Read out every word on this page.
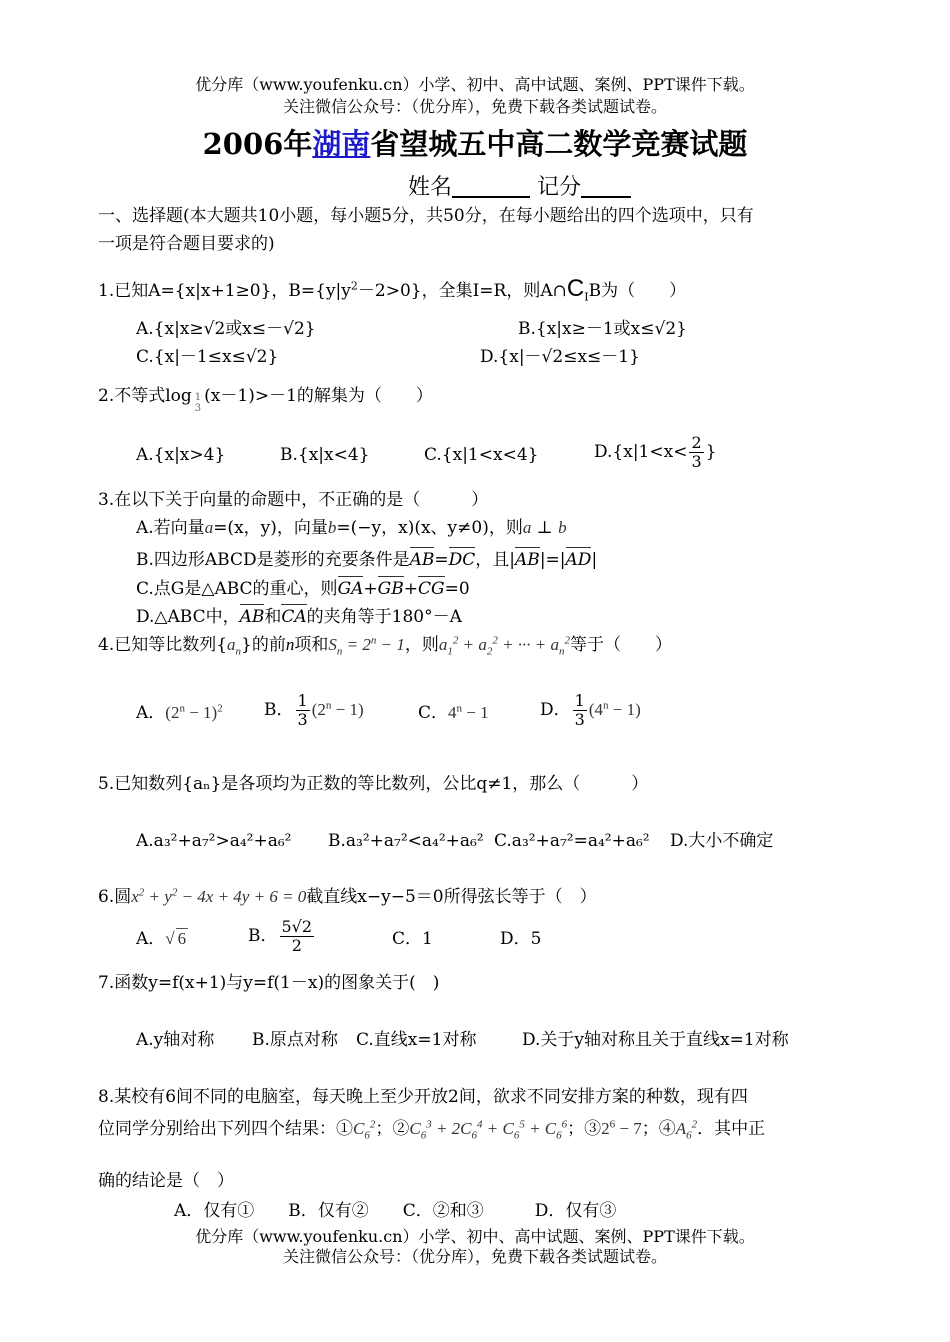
优分库（www.youfenku.cn）小学、初中、高中试题、案例、PPT课件下载。
关注微信公众号：（优分库），免费下载各类试题试卷。
2006年湖南省望城五中高二数学竞赛试题
姓名	记分
一、选择题(本大题共10小题，每小题5分，共50分，在每小题给出的四个选项中，只有
一项是符合题目要求的)
1.已知A={x|x+1≥0}，$B=\{y|y^2-2>0\}$，全集I=R，则$A\cap C_IB$为（　　）
A.{x|x≥√2或x≤－√2}	B.{x|x≥－1或x≤√2}
C.{x|－1≤x≤√2}	D.{x|－√2≤x≤－1}
2.不等式log 1
3(x－1)>－1的解集为（　　）
A.{x|x>4}	B.{x|x<4}	C.{x|1<x<4}	$D.\{x|1<x< \frac{2}{3}$ }
3.在以下关于向量的命题中，不正确的是（　　　）
A.若向量a=(x，y)，向量b=(−y，x)(x、y≠0)，则a ⊥ b
B.四边形ABCD是菱形的充要条件是AB=DC，且|AB|=|AD|
C.点G是△ABC的重心，则GA+GB+CG=0
D.△ABC中，AB和CA的夹角等于180°－A
4.已知等比数列$\{a_n\}$的前n项和$S_n = 2^n - 1$，则$a_1^2 + a_2^2$ + ··· + $a_n^2$等于（　　）
A．$(2^n - 1)^2$ B． $\frac{1}{3} (2^n - 1)$	C．$4^n - 1$	D． $\frac{1}{3} (4^n - 1)$
5.已知数列{aₙ}是各项均为正数的等比数列，公比q≠1，那么（　　　）
A.a₃²+a₇²>a₄²+a₆² B.a₃²+a₇²<a₄²+a₆² C.a₃²+a₇²=a₄²+a₆² D.大小不确定
6.圆$x^2 + y^2 - 4x + 4y + 6 = 0$截直线x−y−5＝0所得弦长等于（　）
A．√ 6	B． $\frac{5√2}{2}$	C．1	D．5
7.函数y=f(x+1)与y=f(1－x)的图象关于(　)
A.y轴对称 B.原点对称 C.直线x=1对称	D.关于y轴对称且关于直线x=1对称
8.某校有6间不同的电脑室，每天晚上至少开放2间，欲求不同安排方案的种数，现有四
位同学分别给出下列四个结果：$①C_6^2$；$②C_6^3 + 2C_6^4 + C_6^5 + C_6^6$；$③2^6 - 7$；$④A_6^2$．其中正
确的结论是（　）
A．仅有①　　B．仅有②　　C．②和③　　　D．仅有③
优分库（www.youfenku.cn）小学、初中、高中试题、案例、PPT课件下载。
关注微信公众号：（优分库），免费下载各类试题试卷。
